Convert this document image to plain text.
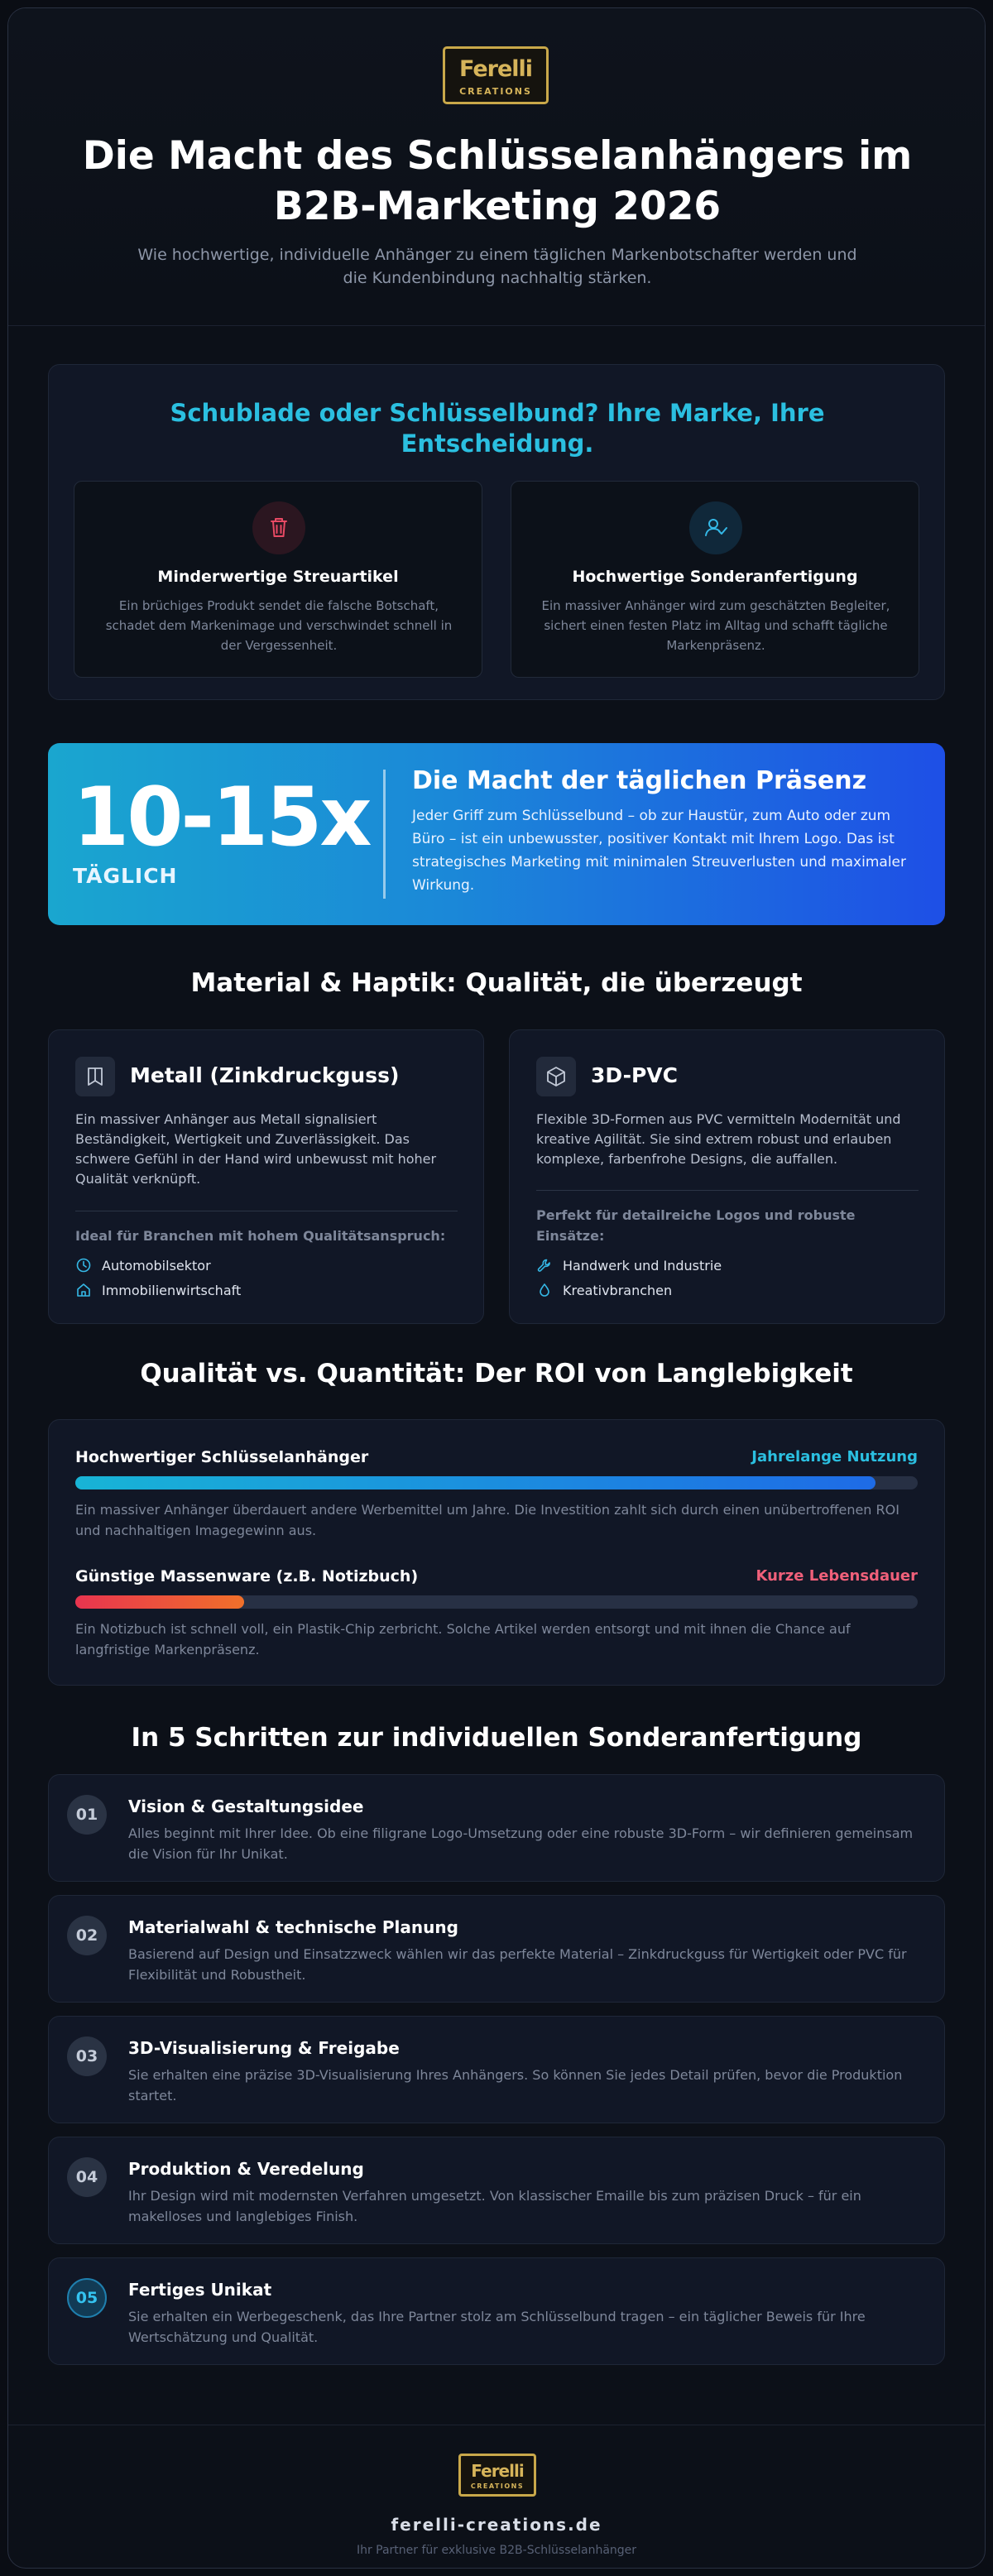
Ferelli
CREATIONS
Die Macht des Schlüsselanhängers im B2B-Marketing 2026
Wie hochwertige, individuelle Anhänger zu einem täglichen Markenbotschafter werden und die Kundenbindung nachhaltig stärken.
Schublade oder Schlüsselbund? Ihre Marke, Ihre Entscheidung.
Minderwertige Streuartikel
Ein brüchiges Produkt sendet die falsche Botschaft, schadet dem Markenimage und verschwindet schnell in der Vergessenheit.
Hochwertige Sonderanfertigung
Ein massiver Anhänger wird zum geschätzten Begleiter, sichert einen festen Platz im Alltag und schafft tägliche Markenpräsenz.
10-15x
TÄGLICH
Die Macht der täglichen Präsenz
Jeder Griff zum Schlüsselbund – ob zur Haustür, zum Auto oder zum Büro – ist ein unbewusster, positiver Kontakt mit Ihrem Logo. Das ist strategisches Marketing mit minimalen Streuverlusten und maximaler Wirkung.
Material & Haptik: Qualität, die überzeugt
Metall (Zinkdruckguss)
Ein massiver Anhänger aus Metall signalisiert Beständigkeit, Wertigkeit und Zuverlässigkeit. Das schwere Gefühl in der Hand wird unbewusst mit hoher Qualität verknüpft.
Ideal für Branchen mit hohem Qualitätsanspruch:
Automobilsektor
Immobilienwirtschaft
3D-PVC
Flexible 3D-Formen aus PVC vermitteln Modernität und kreative Agilität. Sie sind extrem robust und erlauben komplexe, farbenfrohe Designs, die auffallen.
Perfekt für detailreiche Logos und robuste Einsätze:
Handwerk und Industrie
Kreativbranchen
Qualität vs. Quantität: Der ROI von Langlebigkeit
Hochwertiger Schlüsselanhänger	Jahrelange Nutzung
Ein massiver Anhänger überdauert andere Werbemittel um Jahre. Die Investition zahlt sich durch einen unübertroffenen ROI und nachhaltigen Imagegewinn aus.
Günstige Massenware (z.B. Notizbuch)	Kurze Lebensdauer
Ein Notizbuch ist schnell voll, ein Plastik-Chip zerbricht. Solche Artikel werden entsorgt und mit ihnen die Chance auf langfristige Markenpräsenz.
In 5 Schritten zur individuellen Sonderanfertigung
01	Vision & Gestaltungsidee
Alles beginnt mit Ihrer Idee. Ob eine filigrane Logo-Umsetzung oder eine robuste 3D-Form – wir definieren gemeinsam die Vision für Ihr Unikat.
02	Materialwahl & technische Planung
Basierend auf Design und Einsatzzweck wählen wir das perfekte Material – Zinkdruckguss für Wertigkeit oder PVC für Flexibilität und Robustheit.
03	3D-Visualisierung & Freigabe
Sie erhalten eine präzise 3D-Visualisierung Ihres Anhängers. So können Sie jedes Detail prüfen, bevor die Produktion startet.
04	Produktion & Veredelung
Ihr Design wird mit modernsten Verfahren umgesetzt. Von klassischer Emaille bis zum präzisen Druck – für ein makelloses und langlebiges Finish.
05	Fertiges Unikat
Sie erhalten ein Werbegeschenk, das Ihre Partner stolz am Schlüsselbund tragen – ein täglicher Beweis für Ihre Wertschätzung und Qualität.
Ferelli
CREATIONS
ferelli-creations.de
Ihr Partner für exklusive B2B-Schlüsselanhänger
